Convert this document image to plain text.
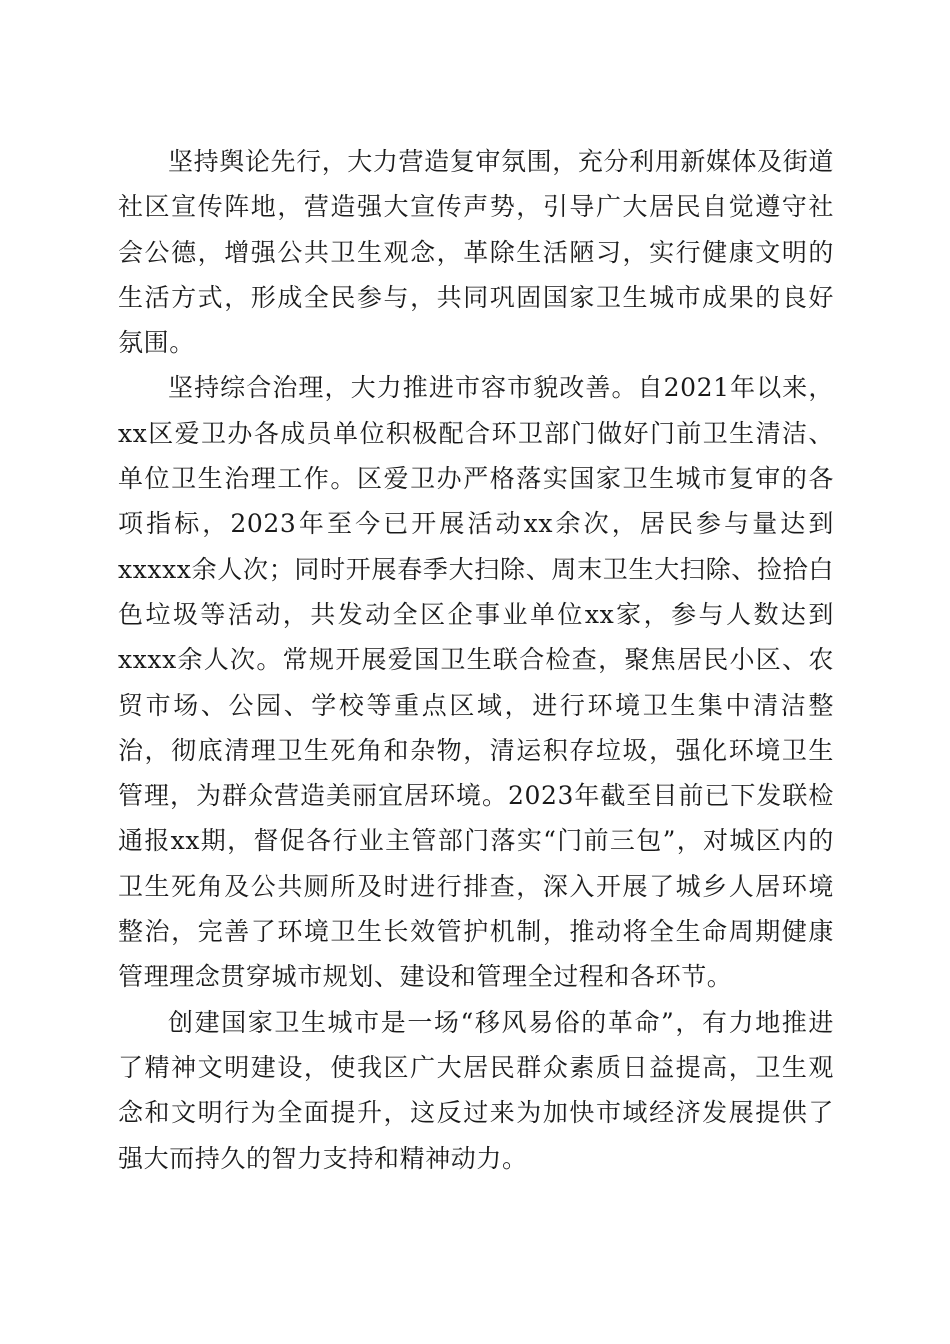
坚持舆论先行，大力营造复审氛围，充分利用新媒体及街道社区宣传阵地，营造强大宣传声势，引导广大居民自觉遵守社会公德，增强公共卫生观念，革除生活陋习，实行健康文明的生活方式，形成全民参与，共同巩固国家卫生城市成果的良好氛围。

坚持综合治理，大力推进市容市貌改善。自2021年以来，xx区爱卫办各成员单位积极配合环卫部门做好门前卫生清洁、单位卫生治理工作。区爱卫办严格落实国家卫生城市复审的各项指标，2023年至今已开展活动xx余次，居民参与量达到xxxxx余人次；同时开展春季大扫除、周末卫生大扫除、捡拾白色垃圾等活动，共发动全区企事业单位xx家，参与人数达到xxxx余人次。常规开展爱国卫生联合检查，聚焦居民小区、农贸市场、公园、学校等重点区域，进行环境卫生集中清洁整治，彻底清理卫生死角和杂物，清运积存垃圾，强化环境卫生管理，为群众营造美丽宜居环境。2023年截至目前已下发联检通报xx期，督促各行业主管部门落实“门前三包”，对城区内的卫生死角及公共厕所及时进行排查，深入开展了城乡人居环境整治，完善了环境卫生长效管护机制，推动将全生命周期健康管理理念贯穿城市规划、建设和管理全过程和各环节。

创建国家卫生城市是一场“移风易俗的革命”，有力地推进了精神文明建设，使我区广大居民群众素质日益提高，卫生观念和文明行为全面提升，这反过来为加快市域经济发展提供了强大而持久的智力支持和精神动力。
